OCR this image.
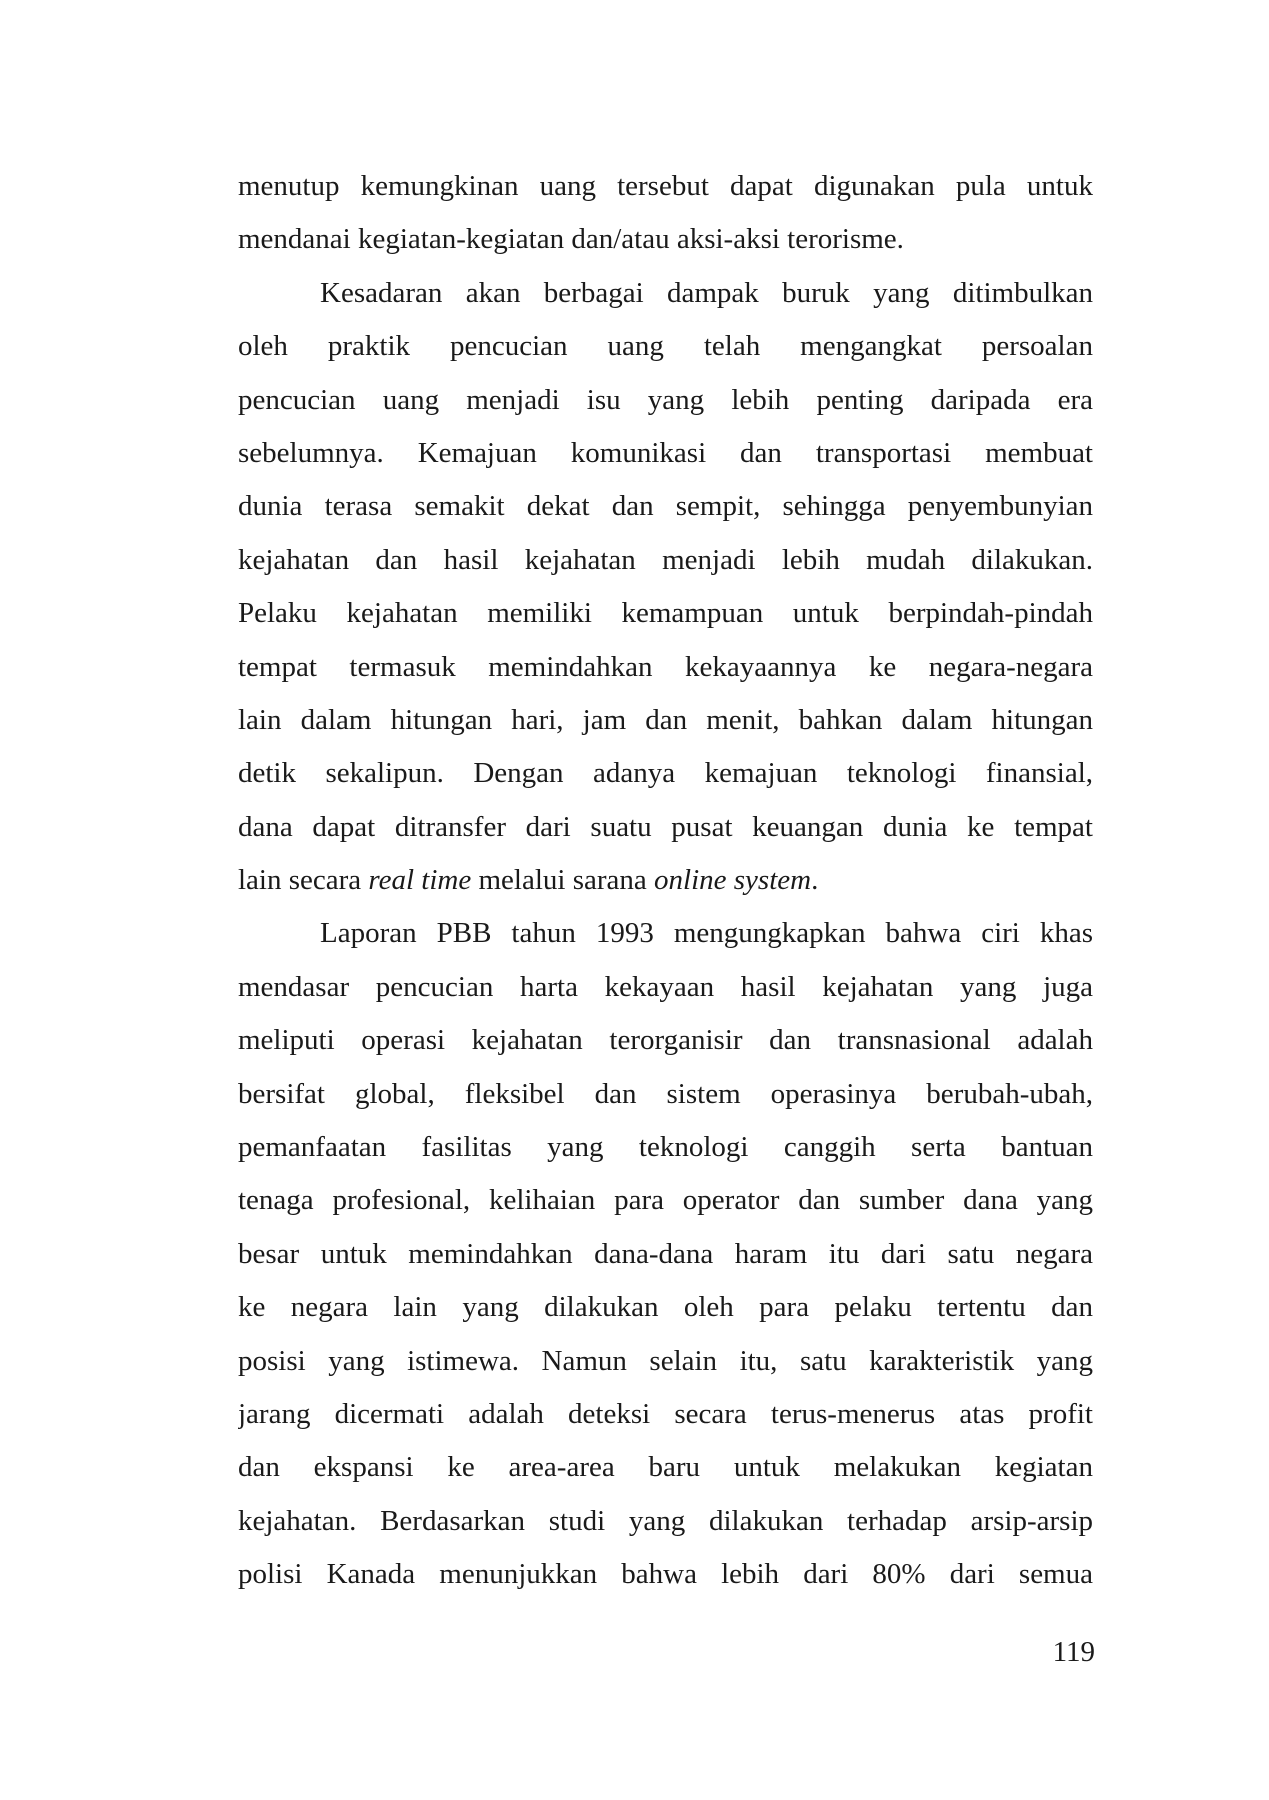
menutup kemungkinan uang tersebut dapat digunakan pula untuk
mendanai kegiatan-kegiatan dan/atau aksi-aksi terorisme.
Kesadaran akan berbagai dampak buruk yang ditimbulkan
oleh praktik pencucian uang telah mengangkat persoalan
pencucian uang menjadi isu yang lebih penting daripada era
sebelumnya. Kemajuan komunikasi dan transportasi membuat
dunia terasa semakit dekat dan sempit, sehingga penyembunyian
kejahatan dan hasil kejahatan menjadi lebih mudah dilakukan.
Pelaku kejahatan memiliki kemampuan untuk berpindah-pindah
tempat termasuk memindahkan kekayaannya ke negara-negara
lain dalam hitungan hari, jam dan menit, bahkan dalam hitungan
detik sekalipun. Dengan adanya kemajuan teknologi finansial,
dana dapat ditransfer dari suatu pusat keuangan dunia ke tempat
lain secara real time melalui sarana online system.
Laporan PBB tahun 1993 mengungkapkan bahwa ciri khas
mendasar pencucian harta kekayaan hasil kejahatan yang juga
meliputi operasi kejahatan terorganisir dan transnasional adalah
bersifat global, fleksibel dan sistem operasinya berubah-ubah,
pemanfaatan fasilitas yang teknologi canggih serta bantuan
tenaga profesional, kelihaian para operator dan sumber dana yang
besar untuk memindahkan dana-dana haram itu dari satu negara
ke negara lain yang dilakukan oleh para pelaku tertentu dan
posisi yang istimewa. Namun selain itu, satu karakteristik yang
jarang dicermati adalah deteksi secara terus-menerus atas profit
dan ekspansi ke area-area baru untuk melakukan kegiatan
kejahatan. Berdasarkan studi yang dilakukan terhadap arsip-arsip
polisi Kanada menunjukkan bahwa lebih dari 80% dari semua
119
